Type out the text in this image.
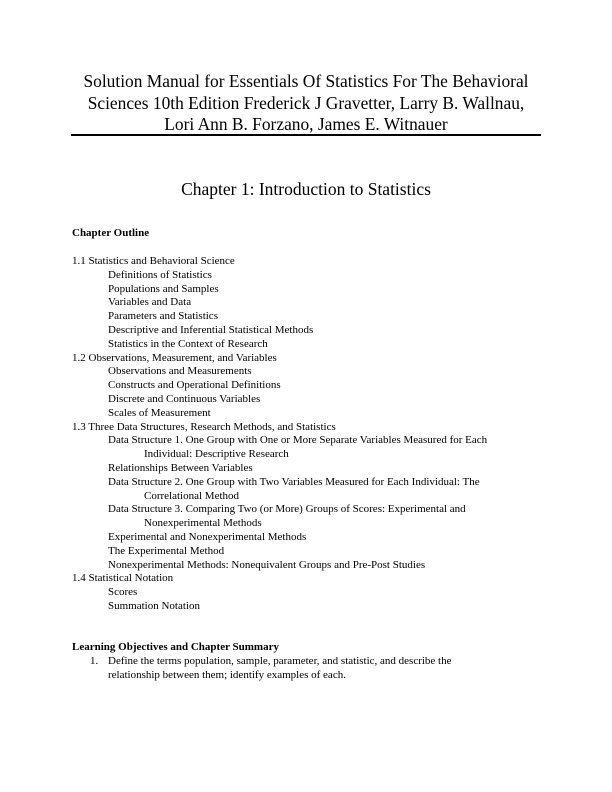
Solution Manual for Essentials Of Statistics For The Behavioral
Sciences 10th Edition Frederick J Gravetter, Larry B. Wallnau,
Lori Ann B. Forzano, James E. Witnauer
Chapter 1: Introduction to Statistics
Chapter Outline
1.1 Statistics and Behavioral Science
Definitions of Statistics
Populations and Samples
Variables and Data
Parameters and Statistics
Descriptive and Inferential Statistical Methods
Statistics in the Context of Research
1.2 Observations, Measurement, and Variables
Observations and Measurements
Constructs and Operational Definitions
Discrete and Continuous Variables
Scales of Measurement
1.3 Three Data Structures, Research Methods, and Statistics
Data Structure 1. One Group with One or More Separate Variables Measured for Each
Individual: Descriptive Research
Relationships Between Variables
Data Structure 2. One Group with Two Variables Measured for Each Individual: The
Correlational Method
Data Structure 3. Comparing Two (or More) Groups of Scores: Experimental and
Nonexperimental Methods
Experimental and Nonexperimental Methods
The Experimental Method
Nonexperimental Methods: Nonequivalent Groups and Pre-Post Studies
1.4 Statistical Notation
Scores
Summation Notation
Learning Objectives and Chapter Summary
1. Define the terms population, sample, parameter, and statistic, and describe the
relationship between them; identify examples of each.
